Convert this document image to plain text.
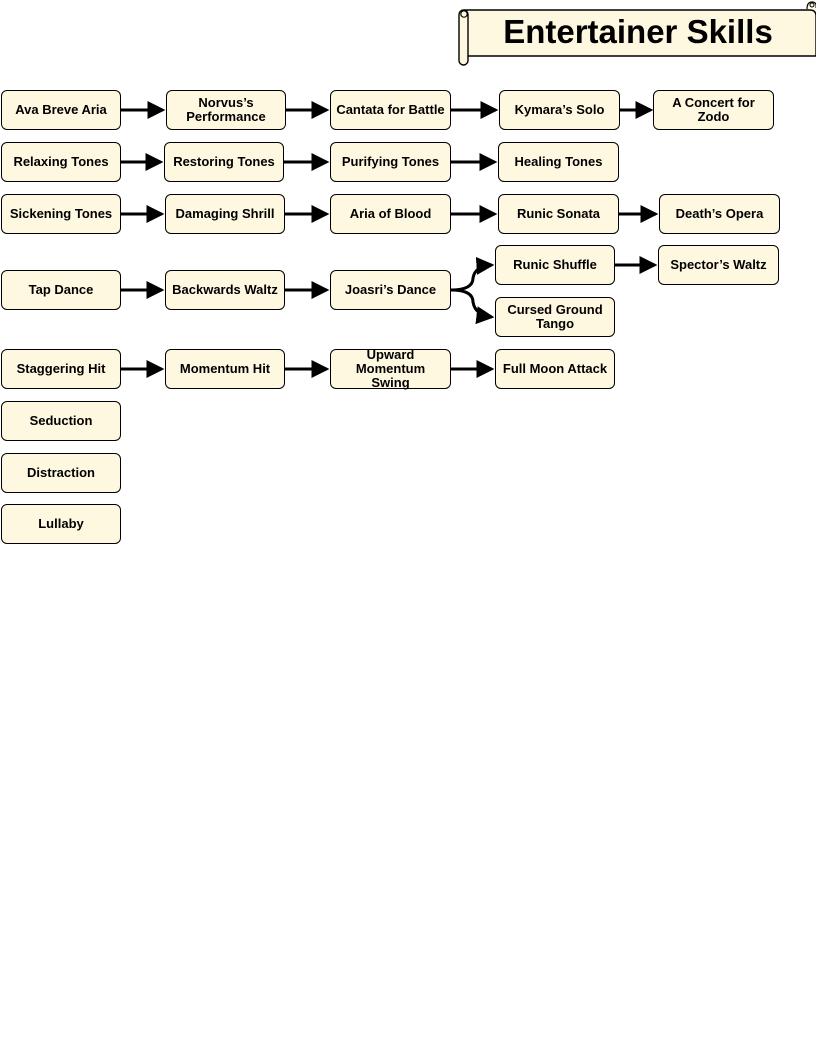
Entertainer Skills
Ava Breve Aria	Norvus’s Performance	Cantata for Battle	Kymara’s Solo	A Concert for Zodo
Relaxing Tones	Restoring Tones	Purifying Tones	Healing Tones
Sickening Tones	Damaging Shrill	Aria of Blood	Runic Sonata	Death’s Opera
Tap Dance	Backwards Waltz	Joasri’s Dance
Runic Shuffle	Spector’s Waltz
Cursed Ground Tango
Staggering Hit	Momentum Hit
Upward Momentum Swing
Full Moon Attack
Seduction
Distraction
Lullaby
